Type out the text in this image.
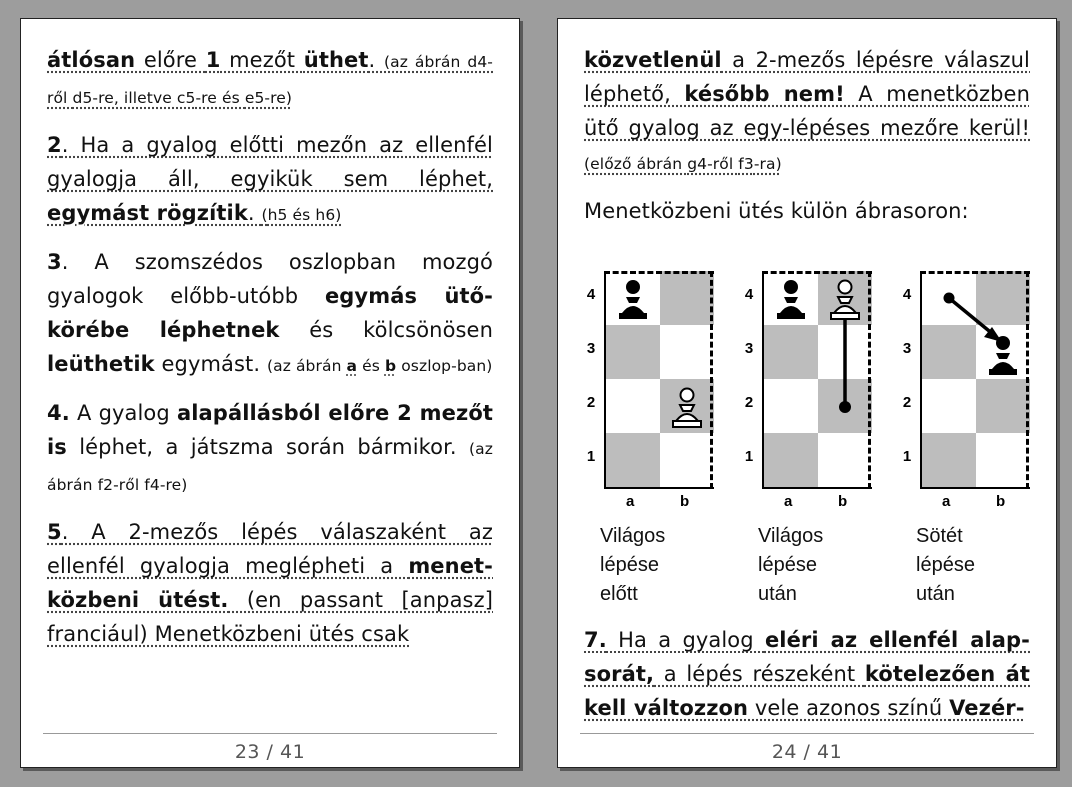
átlósan előre 1 mezőt üthet. (az ábrán d4-ről d5-re, illetve c5-re és e5-re)

2. Ha a gyalog előtti mezőn az ellenfél gyalogja áll, egyikük sem léphet, egymást rögzítik. (h5 és h6)

3. A szomszédos oszlopban mozgó gyalogok előbb-utóbb egymás ütő-körébe léphetnek és kölcsönösen leüthetik egymást. (az ábrán a és b oszlop-ban)

4. A gyalog alapállásból előre 2 mezőt is léphet, a játszma során bármikor. (az ábrán f2-ről f4-re)

5. A 2-mezős lépés válaszaként az ellenfél gyalogja meglépheti a menet-közbeni ütést. (en passant [anpasz] franciául) Menetközbeni ütés csak

23 / 41

közvetlenül a 2-mezős lépésre válaszul léphető, később nem! A menetközben ütő gyalog az egy-lépéses mezőre kerül! (előző ábrán g4-ről f3-ra)

Menetközbeni ütés külön ábrasoron:

4
3
2
1
a	b
Világos
lépése
előtt
4
3
2
1
a	b
Világos
lépése
után
4
3
2
1
a	b
Sötét
lépése
után

7. Ha a gyalog eléri az ellenfél alap-sorát, a lépés részeként kötelezően át kell változzon vele azonos színű Vezér-

24 / 41
